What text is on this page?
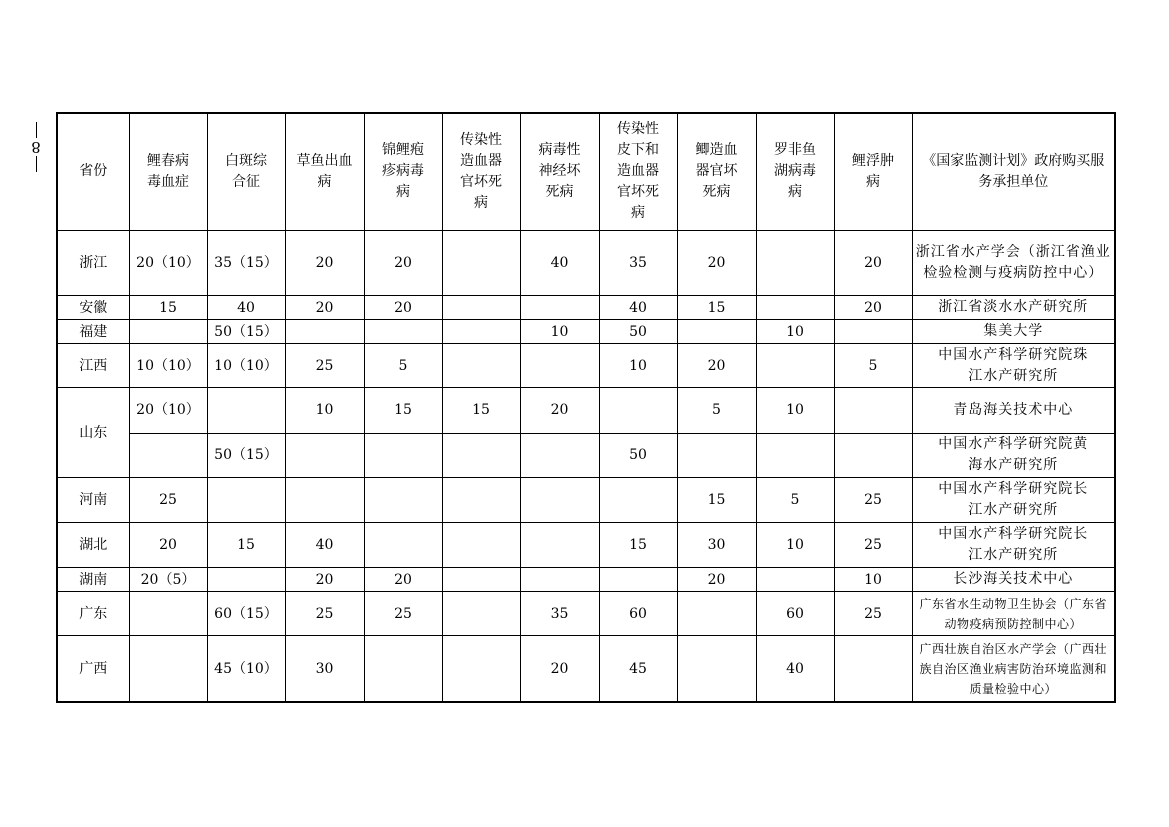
8
省份	鲤春病毒血症	白斑综合征	草鱼出血病	锦鲤疱疹病毒病	传染性造血器官坏死病	病毒性神经坏死病	传染性皮下和造血器官坏死病	鲫造血器官坏死病	罗非鱼湖病毒病	鲤浮肿病	《国家监测计划》政府购买服务承担单位

浙江	20（10）	35（15）	20	20		40	35	20		20	浙江省水产学会（浙江省渔业检验检测与疫病防控中心）
安徽	15	40	20	20			40	15		20	浙江省淡水水产研究所
福建		50（15）				10	50		10		集美大学
江西	10（10）	10（10）	25	5			10	20		5	中国水产科学研究院珠江水产研究所

山东	20（10）		10	15	15	20		5	10		青岛海关技术中心
		50（15）					50				中国水产科学研究院黄海水产研究所

河南	25							15	5	25	中国水产科学研究院长江水产研究所

湖北	20	15	40				15	30	10	25	中国水产科学研究院长江水产研究所

湖南	20（5）		20	20				20		10	长沙海关技术中心
广东		60（15）	25	25		35	60		60	25	广东省水生动物卫生协会（广东省动物疫病预防控制中心）
广西		45（10）	30			20	45		40		广西壮族自治区水产学会（广西壮族自治区渔业病害防治环境监测和质量检验中心）
